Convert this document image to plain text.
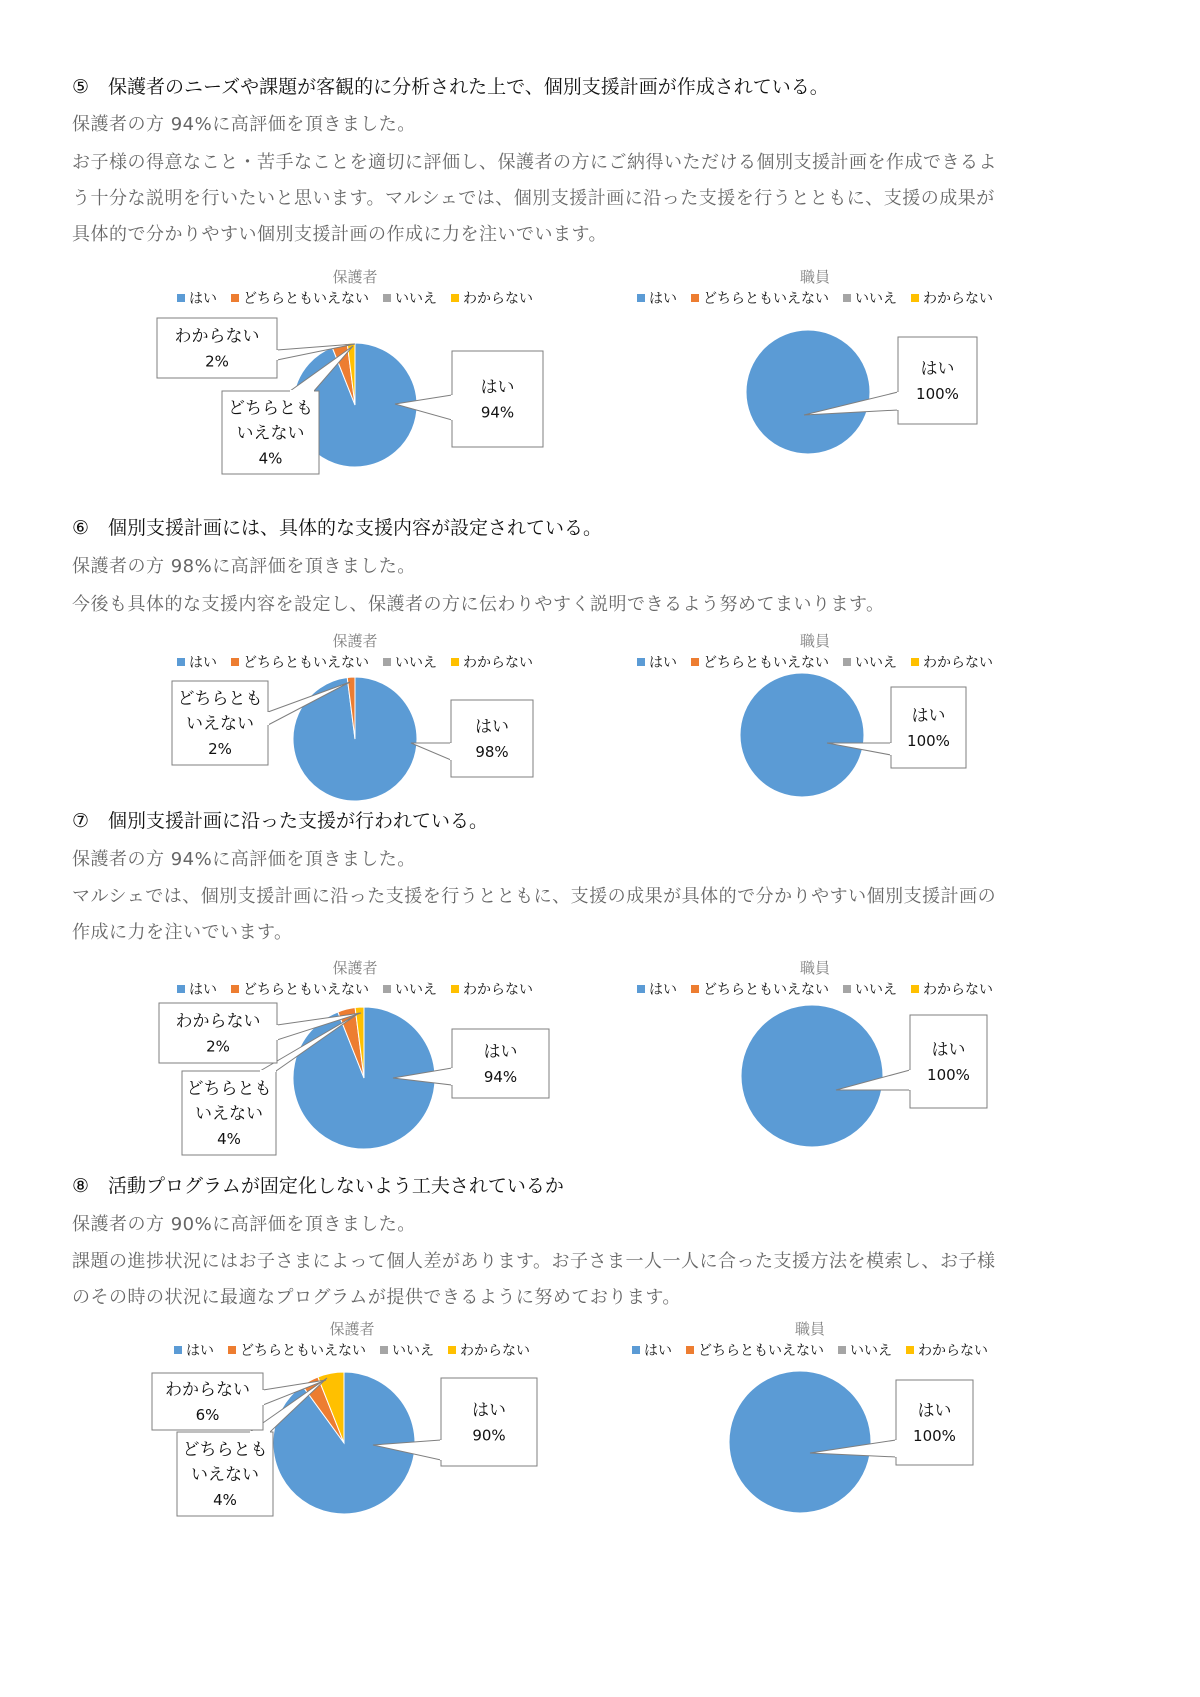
⑤　保護者のニーズや課題が客観的に分析された上で、個別支援計画が作成されている。
保護者の方 94%に高評価を頂きました。
お子様の得意なこと・苦手なことを適切に評価し、保護者の方にご納得いただける個別支援計画を作成できるよ
う十分な説明を行いたいと思います。マルシェでは、個別支援計画に沿った支援を行うとともに、支援の成果が
具体的で分かりやすい個別支援計画の作成に力を注いでいます。
保護者
はい どちらともいえない いいえ わからない
職員
はい どちらともいえない いいえ わからない
⑥　個別支援計画には、具体的な支援内容が設定されている。
保護者の方 98%に高評価を頂きました。
今後も具体的な支援内容を設定し、保護者の方に伝わりやすく説明できるよう努めてまいります。
保護者
はい どちらともいえない いいえ わからない
職員
はい どちらともいえない いいえ わからない
⑦　個別支援計画に沿った支援が行われている。
保護者の方 94%に高評価を頂きました。
マルシェでは、個別支援計画に沿った支援を行うとともに、支援の成果が具体的で分かりやすい個別支援計画の
作成に力を注いでいます。
保護者
はい どちらともいえない いいえ わからない
職員
はい どちらともいえない いいえ わからない
⑧　活動プログラムが固定化しないよう工夫されているか
保護者の方 90%に高評価を頂きました。
課題の進捗状況にはお子さまによって個人差があります。お子さま一人一人に合った支援方法を模索し、お子様
のその時の状況に最適なプログラムが提供できるように努めております。
保護者
はい どちらともいえない いいえ わからない
職員
はい どちらともいえない いいえ わからない
はい
94%
どちらとも
いえない
4%
わからない
2%	はい
100%
はい
98%
どちらとも
いえない
2%
はい
100%
はい
94%
どちらとも
いえない
4%
わからない
2%	はい
100%
はい
90%
どちらとも
いえない
4%
わからない
6%	はい
100%
